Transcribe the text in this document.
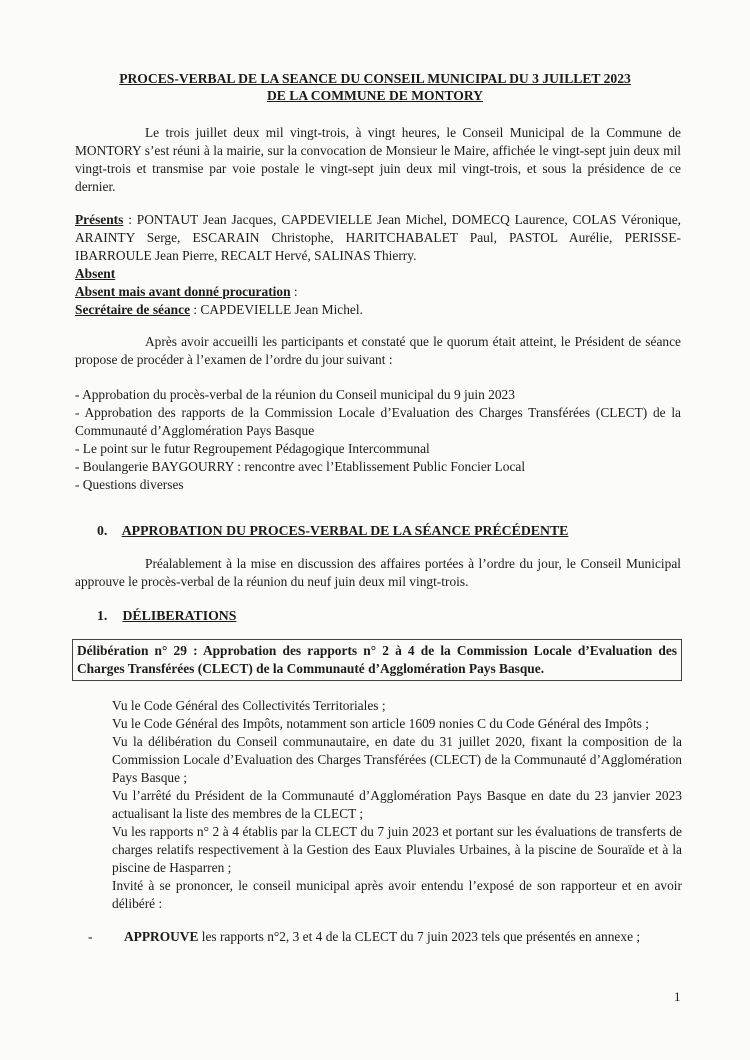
PROCES-VERBAL DE LA SEANCE DU CONSEIL MUNICIPAL DU 3 JUILLET 2023
DE LA COMMUNE DE MONTORY

Le trois juillet deux mil vingt-trois, à vingt heures, le Conseil Municipal de la Commune de MONTORY s’est réuni à la mairie, sur la convocation de Monsieur le Maire, affichée le vingt-sept juin deux mil vingt-trois et transmise par voie postale le vingt-sept juin deux mil vingt-trois, et sous la présidence de ce dernier.

Présents : PONTAUT Jean Jacques, CAPDEVIELLE Jean Michel, DOMECQ Laurence, COLAS Véronique, ARAINTY Serge, ESCARAIN Christophe, HARITCHABALET Paul, PASTOL Aurélie, PERISSE-IBARROULE Jean Pierre, RECALT Hervé, SALINAS Thierry.

Absent

Absent mais avant donné procuration :

Secrétaire de séance : CAPDEVIELLE Jean Michel.

Après avoir accueilli les participants et constaté que le quorum était atteint, le Président de séance propose de procéder à l’examen de l’ordre du jour suivant :

- Approbation du procès-verbal de la réunion du Conseil municipal du 9 juin 2023
- Approbation des rapports de la Commission Locale d’Evaluation des Charges Transférées (CLECT) de la Communauté d’Agglomération Pays Basque
- Le point sur le futur Regroupement Pédagogique Intercommunal
- Boulangerie BAYGOURRY : rencontre avec l’Etablissement Public Foncier Local
- Questions diverses
0. APPROBATION DU PROCES-VERBAL DE LA SÉANCE PRÉCÉDENTE

Préalablement à la mise en discussion des affaires portées à l’ordre du jour, le Conseil Municipal approuve le procès-verbal de la réunion du neuf juin deux mil vingt-trois.

1. DÉLIBERATIONS
Délibération n° 29 : Approbation des rapports n° 2 à 4 de la Commission Locale d’Evaluation des Charges Transférées (CLECT) de la Communauté d’Agglomération Pays Basque.

Vu le Code Général des Collectivités Territoriales ;

Vu le Code Général des Impôts, notamment son article 1609 nonies C du Code Général des Impôts ;

Vu la délibération du Conseil communautaire, en date du 31 juillet 2020, fixant la composition de la Commission Locale d’Evaluation des Charges Transférées (CLECT) de la Communauté d’Agglomération Pays Basque ;

Vu l’arrêté du Président de la Communauté d’Agglomération Pays Basque en date du 23 janvier 2023 actualisant la liste des membres de la CLECT ;

Vu les rapports n° 2 à 4 établis par la CLECT du 7 juin 2023 et portant sur les évaluations de transferts de charges relatifs respectivement à la Gestion des Eaux Pluviales Urbaines, à la piscine de Souraïde et à la piscine de Hasparren ;

Invité à se prononcer, le conseil municipal après avoir entendu l’exposé de son rapporteur et en avoir délibéré :

- APPROUVE les rapports n°2, 3 et 4 de la CLECT du 7 juin 2023 tels que présentés en annexe ;
1
